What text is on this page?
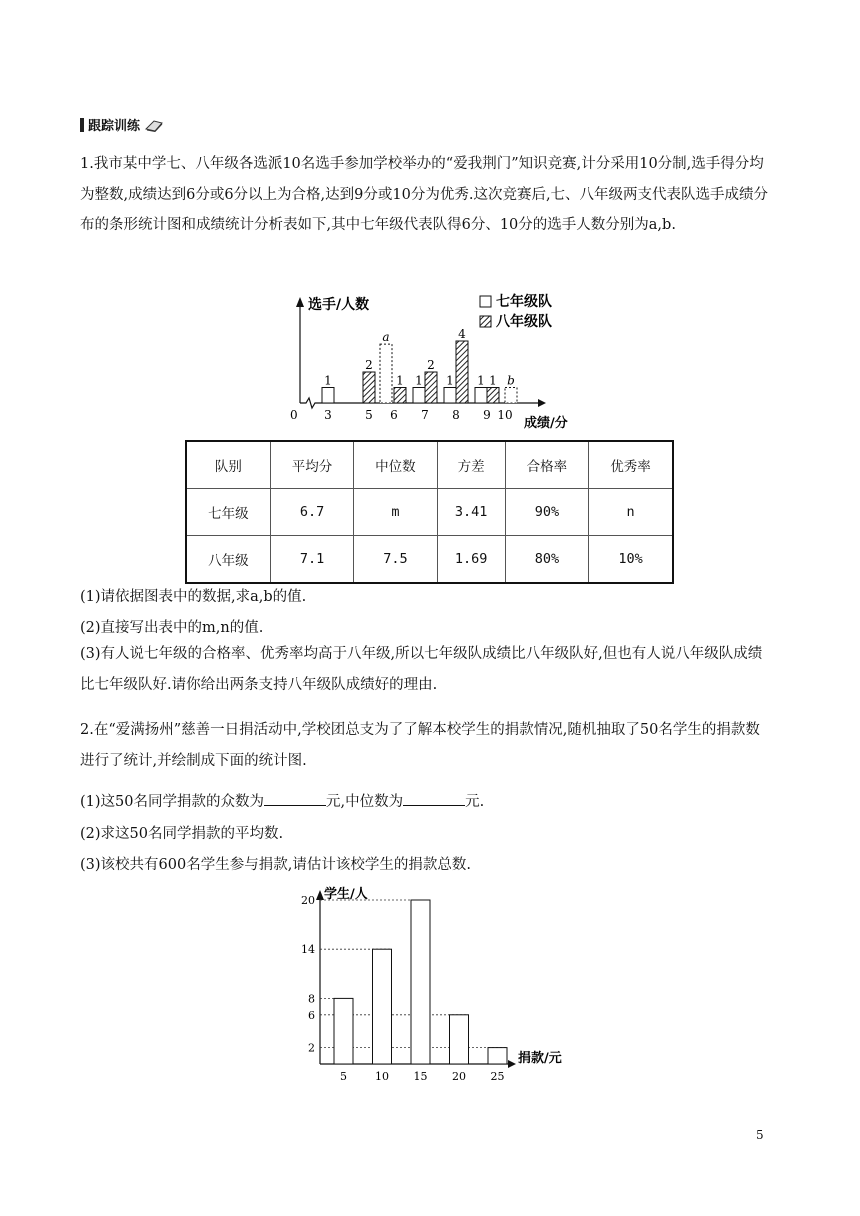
跟踪训练

1.我市某中学七、八年级各选派10名选手参加学校举办的“爱我荆门”知识竞赛,计分采用10分制,选手得分均为整数,成绩达到6分或6分以上为合格,达到9分或10分为优秀.这次竞赛后,七、八年级两支代表队选手成绩分布的条形统计图和成绩统计分析表如下,其中七年级代表队得6分、10分的选手人数分别为a,b.

0
选手/人数
成绩/分
3
1
5
2
6
a
1
7
1
2
8
1
4
9
1 1
10
b
七年级队
八年级队
队别	平均分	中位数	方差	合格率	优秀率
七年级	6.7	m	3.41	90%	n
八年级	7.1	7.5	1.69	80%	10%
(1)请依据图表中的数据,求a,b的值.
(2)直接写出表中的m,n的值.

(3)有人说七年级的合格率、优秀率均高于八年级,所以七年级队成绩比八年级队好,但也有人说八年级队成绩比七年级队好.请你给出两条支持八年级队成绩好的理由.

2.在“爱满扬州”慈善一日捐活动中,学校团总支为了了解本校学生的捐款情况,随机抽取了50名学生的捐款数进行了统计,并绘制成下面的统计图.

(1)这50名同学捐款的众数为	元,中位数为	元.
(2)求这50名同学捐款的平均数.
(3)该校共有600名学生参与捐款,请估计该校学生的捐款总数.
学生/人
捐款/元
2
6
8
14
20
5	10 15 20 25
5
